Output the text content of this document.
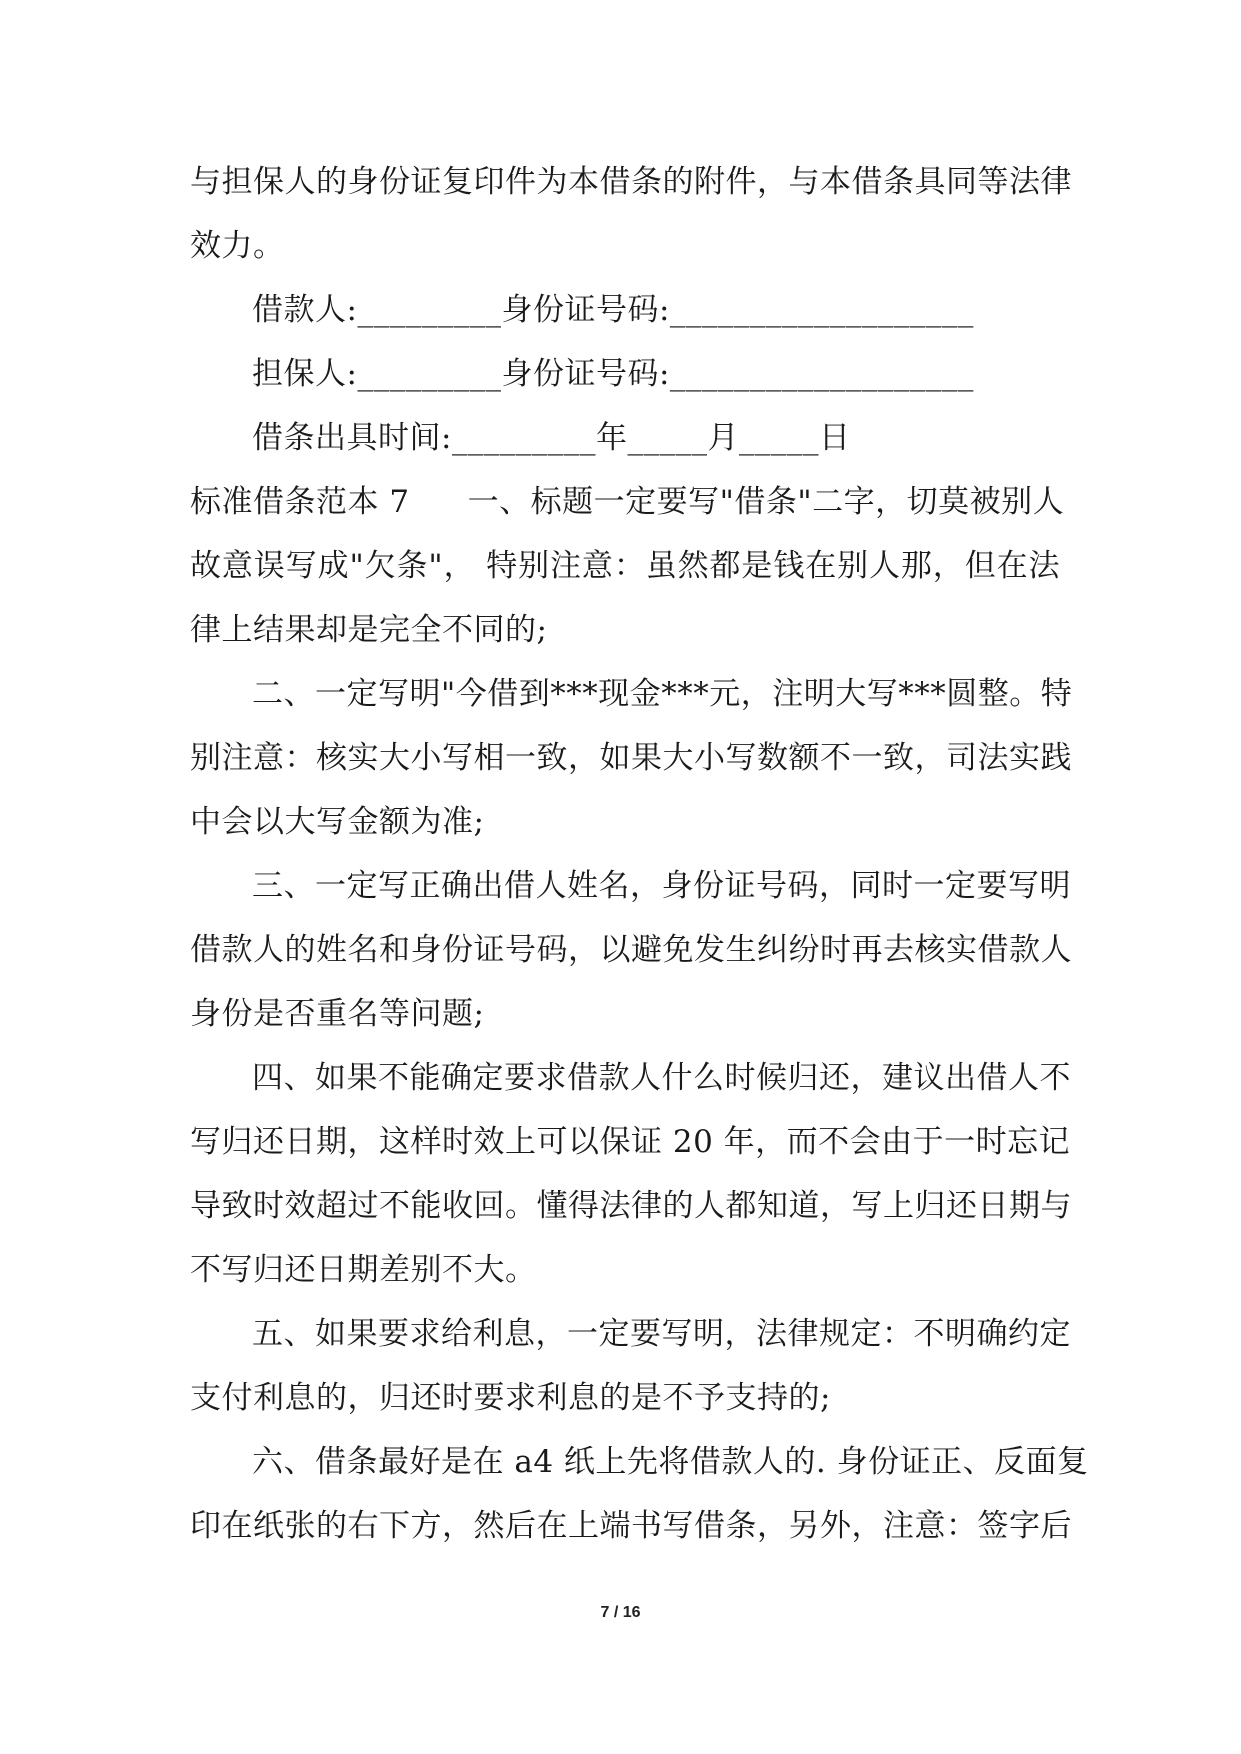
与担保人的身份证复印件为本借条的附件，与本借条具同等法律
效力。
借款人:_________身份证号码:___________________
担保人:_________身份证号码:___________________
借条出具时间:_________年_____月_____日
标准借条范本 7 一、标题一定要写"借条"二字，切莫被别人
故意误写成"欠条"， 特别注意：虽然都是钱在别人那，但在法
律上结果却是完全不同的;
二、一定写明"今借到***现金***元，注明大写***圆整。特
别注意：核实大小写相一致，如果大小写数额不一致，司法实践
中会以大写金额为准;
三、一定写正确出借人姓名，身份证号码，同时一定要写明
借款人的姓名和身份证号码，以避免发生纠纷时再去核实借款人
身份是否重名等问题;
四、如果不能确定要求借款人什么时候归还，建议出借人不
写归还日期，这样时效上可以保证 20 年，而不会由于一时忘记
导致时效超过不能收回。懂得法律的人都知道，写上归还日期与
不写归还日期差别不大。
五、如果要求给利息，一定要写明，法律规定：不明确约定
支付利息的，归还时要求利息的是不予支持的;
六、借条最好是在 a4 纸上先将借款人的. 身份证正、反面复
印在纸张的右下方，然后在上端书写借条，另外，注意：签字后
7 / 16
